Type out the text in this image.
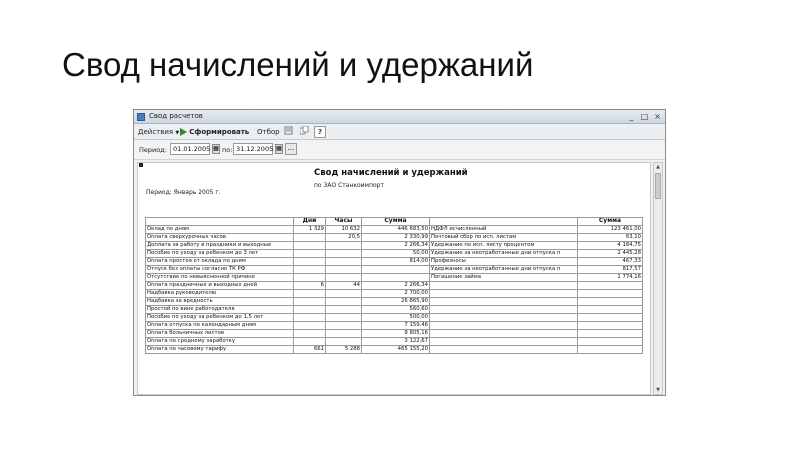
Свод начислений и удержаний
Свод расчетов	_ □ ×
Действия ▼	Сформировать Отбор	?
Период: 01.01.2005 ▦ по: 31.12.2005 ▦ ...
Свод начислений и удержаний
по ЗАО Станкоимпорт
Период: Январь 2005 г.
	Дни	Часы	Сумма		Сумма
Оклад по дням	1 329	10 632	446 683,50	НДФЛ исчисленный	123 461,00
Оплата сверхурочных часов		20,5	2 330,99	Почтовый сбор по исп. листам	63,10
Доплата за работу в праздники и выходные			2 266,34	Удержание по исп. листу процентом	4 184,75
Пособие по уходу за ребенком до 3 лет			50,00	Удержание за неотработанные дни отпуска п	2 445,28
Оплата простоя от оклада по дням			814,00	Профвзносы	467,33
Отпуск без оплаты согласно ТК РФ				Удержание за неотработанные дни отпуска п	817,57
Отсутствие по невыясненной причине				Погашение займа	1 774,16
Оплата праздничных и выходных дней	6	44	2 266,34		
Надбавка руководителю			2 700,00		
Надбавка за вредность			26 865,90		
Простой по вине работодателя			560,60		
Пособие по уходу за ребенком до 1,5 лет			500,00		
Оплата отпуска по календарным дням			7 159,46		
Оплата больничных листов			9 805,16		
Оплата по среднему заработку			3 122,67		
Оплата по часовому тарифу	661	5 288	465 155,20		
▲
▼
